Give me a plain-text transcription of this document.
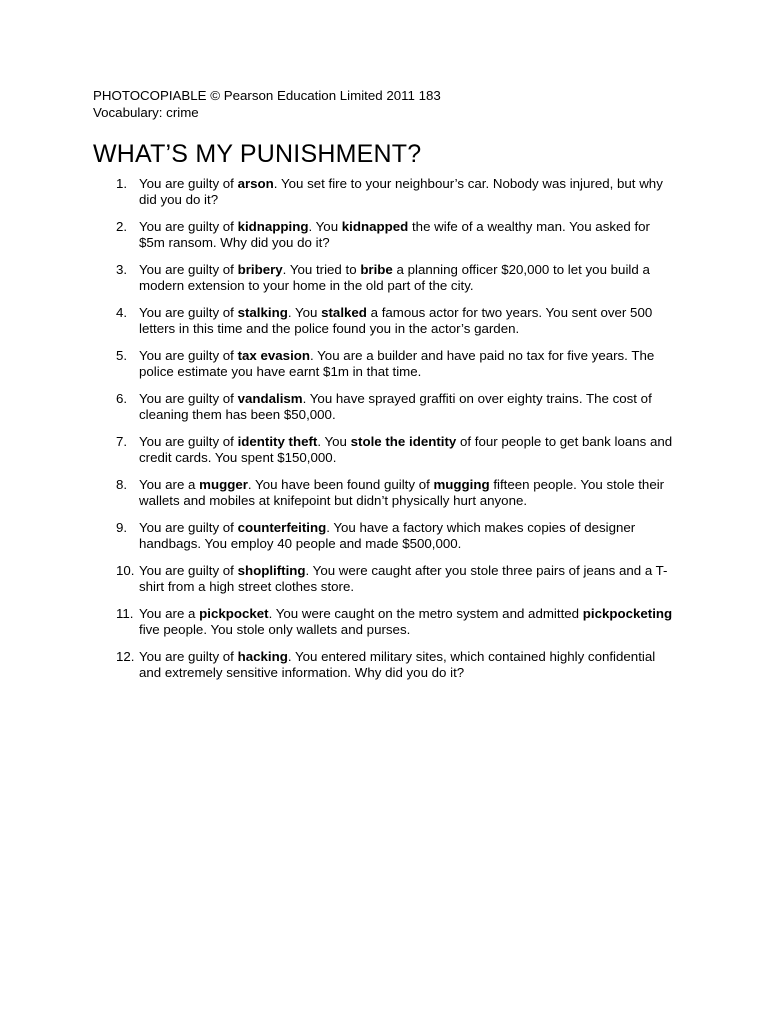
PHOTOCOPIABLE © Pearson Education Limited 2011 183

Vocabulary: crime

WHAT’S MY PUNISHMENT?
1. You are guilty of arson. You set fire to your neighbour’s car. Nobody was injured, but why did you do it?
2. You are guilty of kidnapping. You kidnapped the wife of a wealthy man. You asked for $5m ransom. Why did you do it?
3. You are guilty of bribery. You tried to bribe a planning officer $20,000 to let you build a modern extension to your home in the old part of the city.
4. You are guilty of stalking. You stalked a famous actor for two years. You sent over 500 letters in this time and the police found you in the actor’s garden.
5. You are guilty of tax evasion. You are a builder and have paid no tax for five years. The police estimate you have earnt $1m in that time.
6. You are guilty of vandalism. You have sprayed graffiti on over eighty trains. The cost of cleaning them has been $50,000.
7. You are guilty of identity theft. You stole the identity of four people to get bank loans and credit cards. You spent $150,000.
8. You are a mugger. You have been found guilty of mugging fifteen people. You stole their wallets and mobiles at knifepoint but didn’t physically hurt anyone.
9. You are guilty of counterfeiting. You have a factory which makes copies of designer handbags. You employ 40 people and made $500,000.
10. You are guilty of shoplifting. You were caught after you stole three pairs of jeans and a T-shirt from a high street clothes store.
11. You are a pickpocket. You were caught on the metro system and admitted pickpocketing five people. You stole only wallets and purses.
12. You are guilty of hacking. You entered military sites, which contained highly confidential and extremely sensitive information. Why did you do it?
